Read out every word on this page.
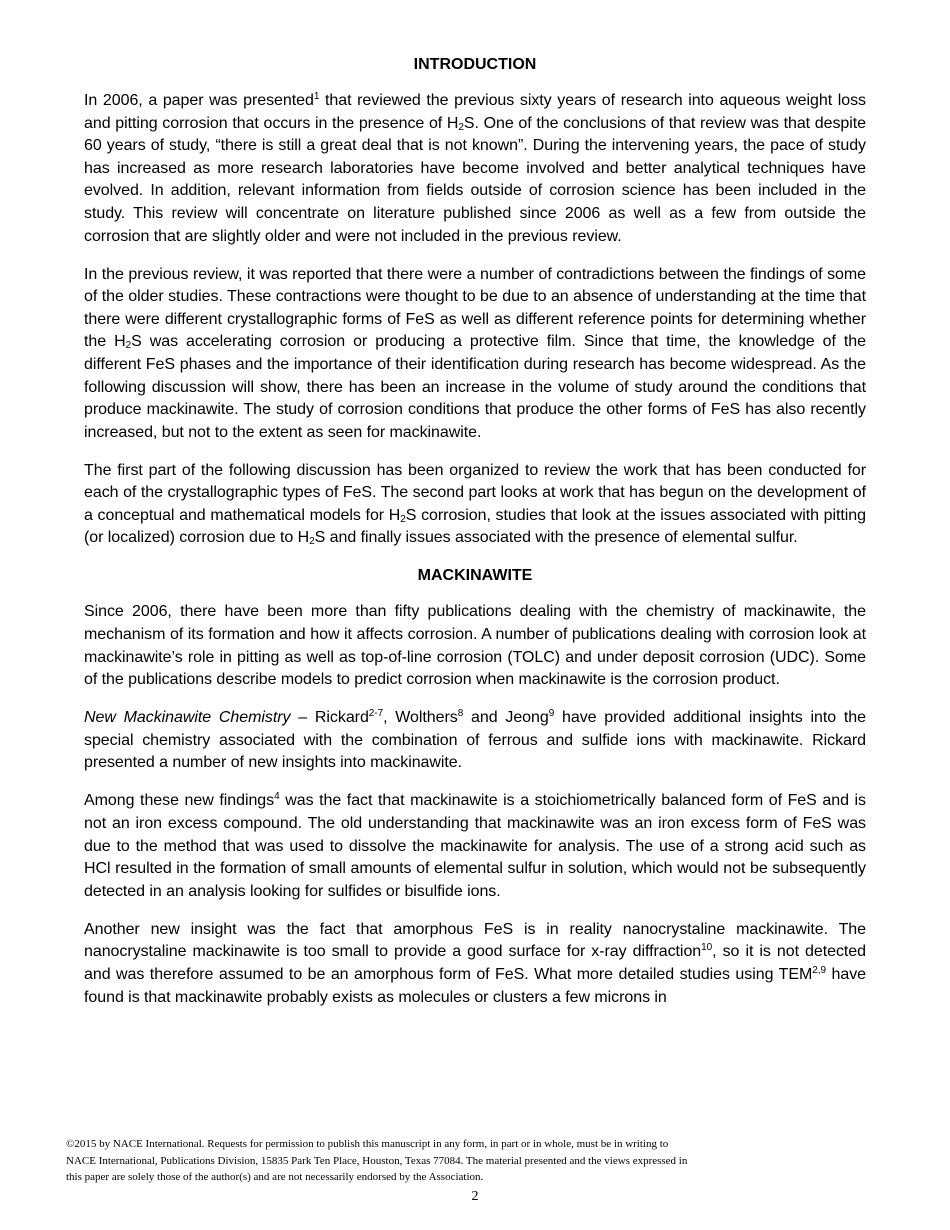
INTRODUCTION

In 2006, a paper was presented$^1$ that reviewed the previous sixty years of research into aqueous weight loss and pitting corrosion that occurs in the presence of $H_2S$. One of the conclusions of that review was that despite 60 years of study, “there is still a great deal that is not known”. During the intervening years, the pace of study has increased as more research laboratories have become involved and better analytical techniques have evolved. In addition, relevant information from fields outside of corrosion science has been included in the study. This review will concentrate on literature published since 2006 as well as a few from outside the corrosion that are slightly older and were not included in the previous review.

In the previous review, it was reported that there were a number of contradictions between the findings of some of the older studies. These contractions were thought to be due to an absence of understanding at the time that there were different crystallographic forms of FeS as well as different reference points for determining whether the $H_2S$ was accelerating corrosion or producing a protective film. Since that time, the knowledge of the different FeS phases and the importance of their identification during research has become widespread. As the following discussion will show, there has been an increase in the volume of study around the conditions that produce mackinawite. The study of corrosion conditions that produce the other forms of FeS has also recently increased, but not to the extent as seen for mackinawite.

The first part of the following discussion has been organized to review the work that has been conducted for each of the crystallographic types of FeS. The second part looks at work that has begun on the development of a conceptual and mathematical models for $H_2S$ corrosion, studies that look at the issues associated with pitting (or localized) corrosion due to $H_2S$ and finally issues associated with the presence of elemental sulfur.

MACKINAWITE

Since 2006, there have been more than fifty publications dealing with the chemistry of mackinawite, the mechanism of its formation and how it affects corrosion. A number of publications dealing with corrosion look at mackinawite’s role in pitting as well as top-of-line corrosion (TOLC) and under deposit corrosion (UDC). Some of the publications describe models to predict corrosion when mackinawite is the corrosion product.

New Mackinawite Chemistry – Rickard$^{2-7}$, Wolthers$^8$ and Jeong$^9$ have provided additional insights into the special chemistry associated with the combination of ferrous and sulfide ions with mackinawite. Rickard presented a number of new insights into mackinawite.

Among these new findings$^4$ was the fact that mackinawite is a stoichiometrically balanced form of FeS and is not an iron excess compound. The old understanding that mackinawite was an iron excess form of FeS was due to the method that was used to dissolve the mackinawite for analysis. The use of a strong acid such as HCl resulted in the formation of small amounts of elemental sulfur in solution, which would not be subsequently detected in an analysis looking for sulfides or bisulfide ions.

Another new insight was the fact that amorphous FeS is in reality nanocrystaline mackinawite. The nanocrystaline mackinawite is too small to provide a good surface for x-ray diffraction$^{10}$, so it is not detected and was therefore assumed to be an amorphous form of FeS. What more detailed studies using TEM$^{2,9}$ have found is that mackinawite probably exists as molecules or clusters a few microns in

©2015 by NACE International. Requests for permission to publish this manuscript in any form, in part or in whole, must be in writing to
NACE International, Publications Division, 15835 Park Ten Place, Houston, Texas 77084. The material presented and the views expressed in
this paper are solely those of the author(s) and are not necessarily endorsed by the Association.
2
